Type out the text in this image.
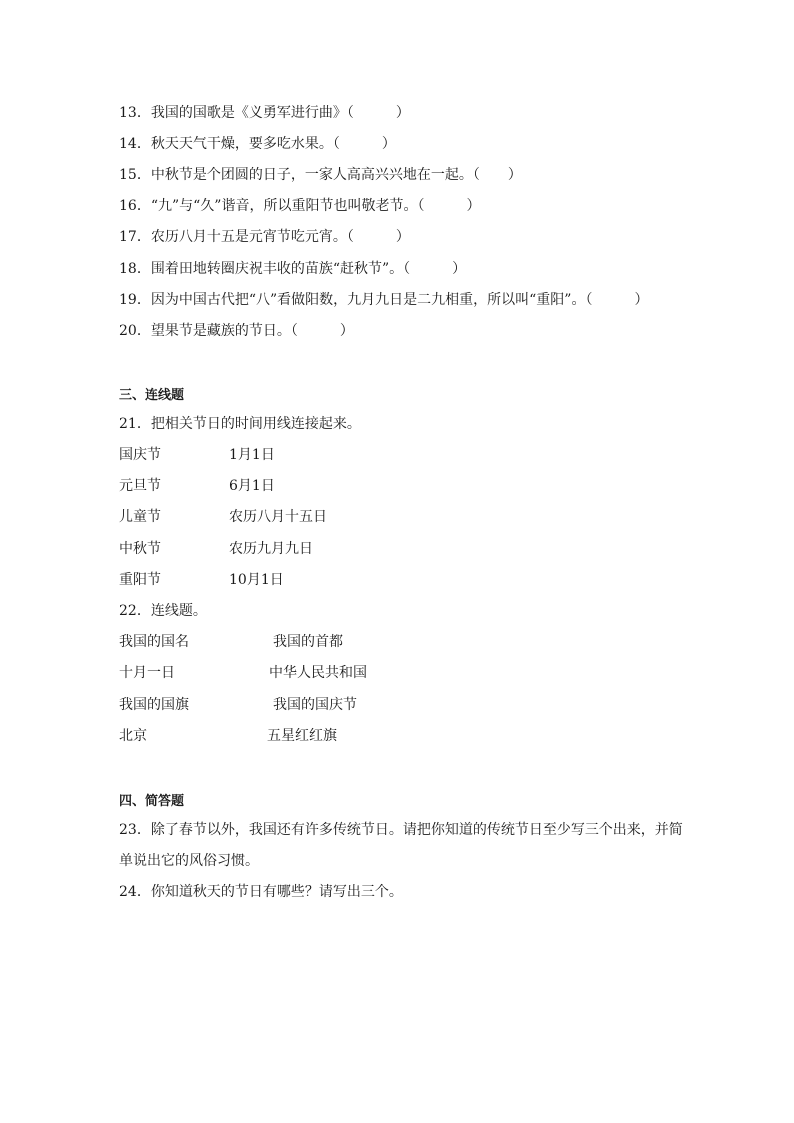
13．我国的国歌是《义勇军进行曲》（　　　）
14．秋天天气干燥，要多吃水果。（　　　）
15．中秋节是个团圆的日子，一家人高高兴兴地在一起。（　　）
16．“九”与“久”谐音，所以重阳节也叫敬老节。（　　　）
17．农历八月十五是元宵节吃元宵。（　　　）
18．围着田地转圈庆祝丰收的苗族“赶秋节”。（　　　）
19．因为中国古代把“八”看做阳数，九月九日是二九相重，所以叫“重阳”。（　　　）
20．望果节是藏族的节日。（　　　）
三、连线题
21．把相关节日的时间用线连接起来。
国庆节	1月1日
元旦节	6月1日
儿童节	农历八月十五日
中秋节	农历九月九日
重阳节	10月1日
22．连线题。
我国的国名	我国的首都
十月一日	中华人民共和国
我国的国旗	我国的国庆节
北京	五星红红旗
四、简答题
23．除了春节以外，我国还有许多传统节日。请把你知道的传统节日至少写三个出来，并简
单说出它的风俗习惯。
24．你知道秋天的节日有哪些？请写出三个。
